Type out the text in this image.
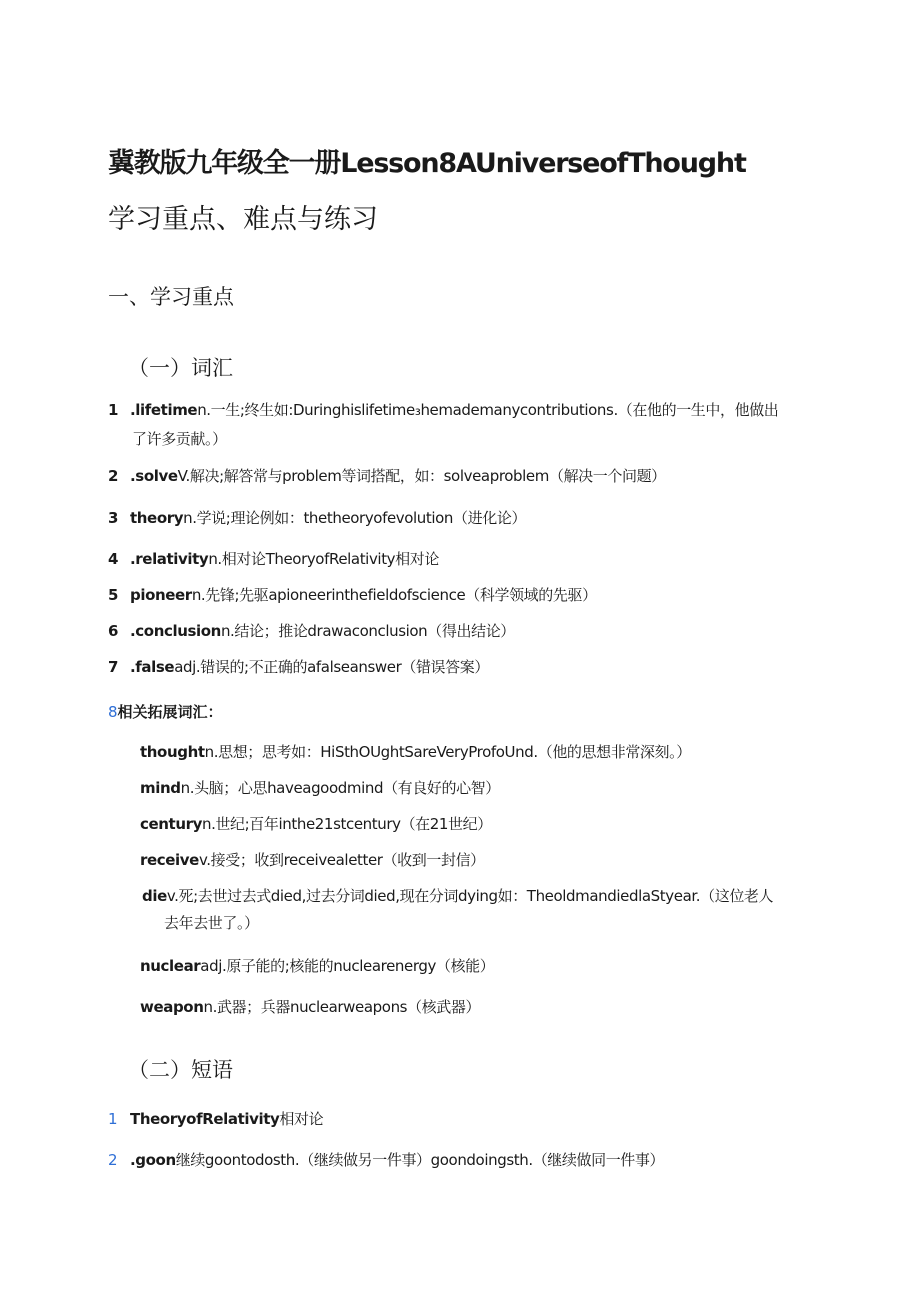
冀教版九年级全一册Lesson8AUniverseofThought
学习重点、难点与练习
一、学习重点
（一）词汇
1 .lifetimen.一生;终生如:Duringhislifetime₃hemademanycontributions.（在他的一生中，他做出
了许多贡献。）
2 .solveV.解决;解答常与problem等词搭配，如：solveaproblem（解决一个问题）
3 theoryn.学说;理论例如：thetheoryofevolution（进化论）
4 .relativityn.相对论TheoryofRelativity相对论
5 pioneern.先锋;先驱apioneerinthefieldofscience（科学领域的先驱）
6 .conclusionn.结论；推论drawaconclusion（得出结论）
7 .falseadj.错误的;不正确的afalseanswer（错误答案）
8相关拓展词汇：
thoughtn.思想；思考如：HiSthOUghtSareVeryProfoUnd.（他的思想非常深刻。）
mindn.头脑；心思haveagoodmind（有良好的心智）
centuryn.世纪;百年inthe21stcentury（在21世纪）
receivev.接受；收到receivealetter（收到一封信）
diev.死;去世过去式died,过去分词died,现在分词dying如：TheoldmandiedlaStyear.（这位老人
去年去世了。）
nuclearadj.原子能的;核能的nuclearenergy（核能）
weaponn.武器；兵器nuclearweapons（核武器）
（二）短语
1 TheoryofRelativity相对论
2 .goon继续goontodosth.（继续做另一件事）goondoingsth.（继续做同一件事）
